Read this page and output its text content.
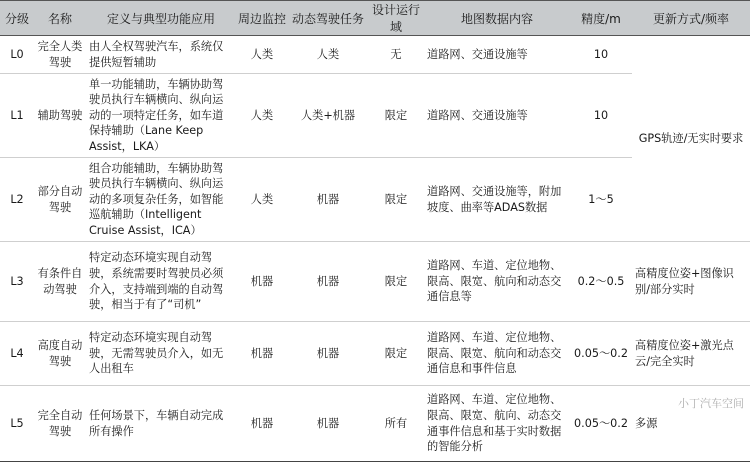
分级	名称	定义与典型功能应用	周边监控	动态驾驶任务	设计运行域	地图数据内容	精度/m	更新方式/频率
L0	完全人类驾驶	由人全权驾驶汽车，系统仅提供短暂辅助	人类	人类	无	道路网、交通设施等	10	GPS轨迹/无实时要求
L1	辅助驾驶	单一功能辅助，车辆协助驾驶员执行车辆横向、纵向运动的一项特定任务，如车道保持辅助（Lane Keep Assist，LKA）	人类	人类+机器	限定	道路网、交通设施等	10	
L2	部分自动驾驶	组合功能辅助，车辆协助驾驶员执行车辆横向、纵向运动的多项复杂任务，如智能巡航辅助（Intelligent Cruise Assist，ICA）	人类	机器	限定	道路网、交通设施等，附加坡度、曲率等ADAS数据	1～5	
L3	有条件自动驾驶	特定动态环境实现自动驾驶，系统需要时驾驶员必须介入，支持端到端的自动驾驶，相当于有了“司机”	机器	机器	限定	道路网、车道、定位地物、限高、限宽、航向和动态交通信息等	0.2～0.5	高精度位姿+图像识别/部分实时
L4	高度自动驾驶	特定动态环境实现自动驾驶，无需驾驶员介入，如无人出租车	机器	机器	限定	道路网、车道、定位地物、限高、限宽、航向和动态交通信息和事件信息	0.05～0.2	高精度位姿+激光点云/完全实时
L5	完全自动驾驶	任何场景下，车辆自动完成所有操作	机器	机器	所有	道路网、车道、定位地物、限高、限宽、航向、动态交通事件信息和基于实时数据的智能分析	0.05～0.2	多源
小丁汽车空间
